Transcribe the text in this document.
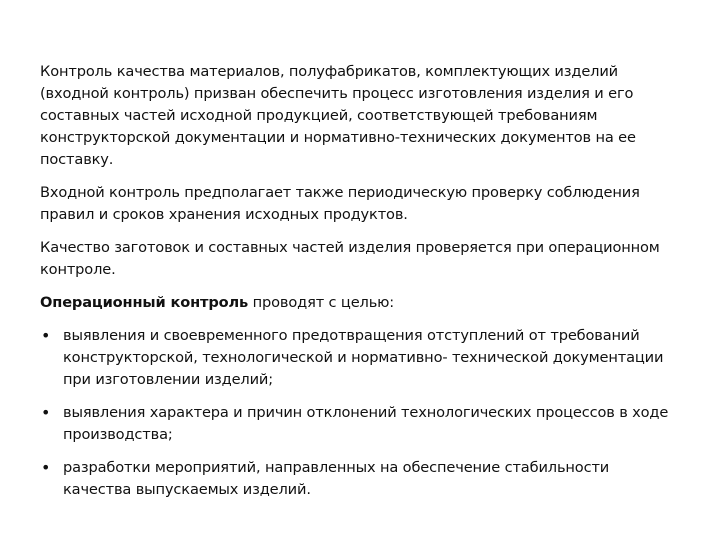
Контроль качества материалов, полуфабрикатов, комплектующих изделий (входной контроль) призван обеспечить процесс изготовления изделия и его составных частей исходной продукцией, соответствующей требованиям конструкторской документации и нормативно-технических документов на ее поставку.

Входной контроль предполагает также периодическую проверку соблюдения правил и сроков хранения исходных продуктов.

Качество заготовок и составных частей изделия проверяется при операционном контроле.

Операционный контроль проводят с целью:

• выявления и своевременного предотвращения отступлений от требований конструкторской, технологической и нормативно- технической документации при изготовлении изделий;
• выявления характера и причин отклонений технологических процессов в ходе производства;
• разработки мероприятий, направленных на обеспечение стабильности качества выпускаемых изделий.
